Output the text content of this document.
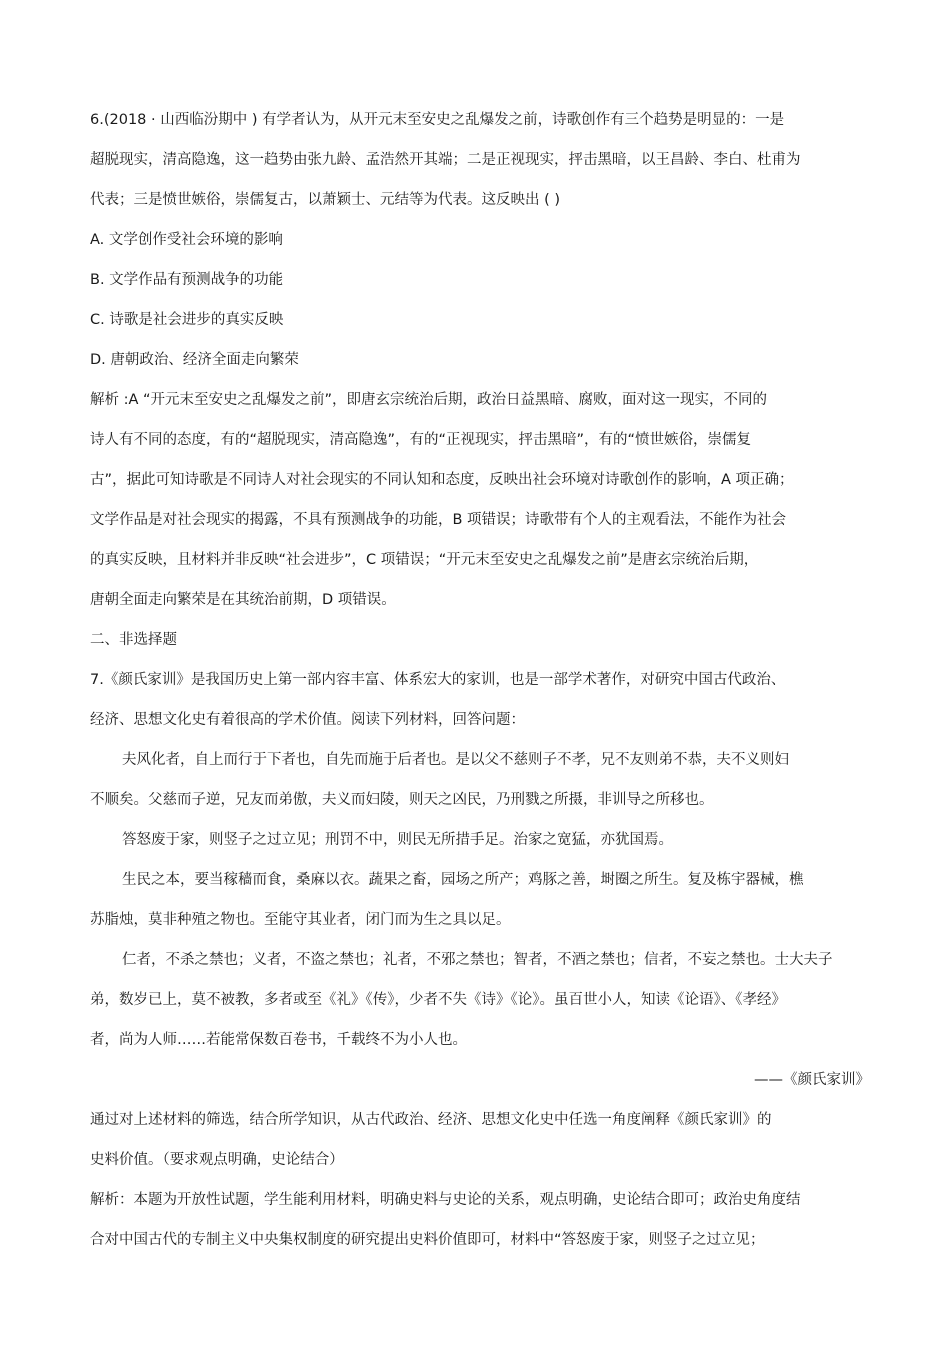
6.(2018 · 山西临汾期中 ) 有学者认为，从开元末至安史之乱爆发之前，诗歌创作有三个趋势是明显的：一是
超脱现实，清高隐逸，这一趋势由张九龄、孟浩然开其端；二是正视现实，抨击黑暗，以王昌龄、李白、杜甫为
代表；三是愤世嫉俗，崇儒复古，以萧颖士、元结等为代表。这反映出 ( )
A. 文学创作受社会环境的影响
B. 文学作品有预测战争的功能
C. 诗歌是社会进步的真实反映
D. 唐朝政治、经济全面走向繁荣
解析 :A “开元末至安史之乱爆发之前”，即唐玄宗统治后期，政治日益黑暗、腐败，面对这一现实，不同的
诗人有不同的态度，有的“超脱现实，清高隐逸”，有的“正视现实，抨击黑暗”，有的“愤世嫉俗，崇儒复
古”，据此可知诗歌是不同诗人对社会现实的不同认知和态度，反映出社会环境对诗歌创作的影响，A 项正确；
文学作品是对社会现实的揭露，不具有预测战争的功能，B 项错误；诗歌带有个人的主观看法，不能作为社会
的真实反映，且材料并非反映“社会进步”，C 项错误；“开元末至安史之乱爆发之前”是唐玄宗统治后期，
唐朝全面走向繁荣是在其统治前期，D 项错误。
二、非选择题
7.《颜氏家训》是我国历史上第一部内容丰富、体系宏大的家训，也是一部学术著作，对研究中国古代政治、
经济、思想文化史有着很高的学术价值。阅读下列材料，回答问题：
夫风化者，自上而行于下者也，自先而施于后者也。是以父不慈则子不孝，兄不友则弟不恭，夫不义则妇
不顺矣。父慈而子逆，兄友而弟傲，夫义而妇陵，则天之凶民，乃刑戮之所摄，非训导之所移也。
答怒废于家，则竖子之过立见；刑罚不中，则民无所措手足。治家之宽猛，亦犹国焉。
生民之本，要当稼穑而食，桑麻以衣。蔬果之畜，园场之所产；鸡豚之善，埘圈之所生。复及栋宇器械，樵
苏脂烛，莫非种殖之物也。至能守其业者，闭门而为生之具以足。
仁者，不杀之禁也；义者，不盗之禁也；礼者，不邪之禁也；智者，不酒之禁也；信者，不妄之禁也。士大夫子
弟，数岁已上，莫不被教，多者或至《礼》《传》，少者不失《诗》《论》。虽百世小人，知读《论语》、《孝经》
者，尚为人师……若能常保数百卷书，千载终不为小人也。
——《颜氏家训》
通过对上述材料的筛选，结合所学知识，从古代政治、经济、思想文化史中任选一角度阐释《颜氏家训》的
史料价值。（要求观点明确，史论结合）
解析：本题为开放性试题，学生能利用材料，明确史料与史论的关系，观点明确，史论结合即可；政治史角度结
合对中国古代的专制主义中央集权制度的研究提出史料价值即可，材料中“答怒废于家，则竖子之过立见；
